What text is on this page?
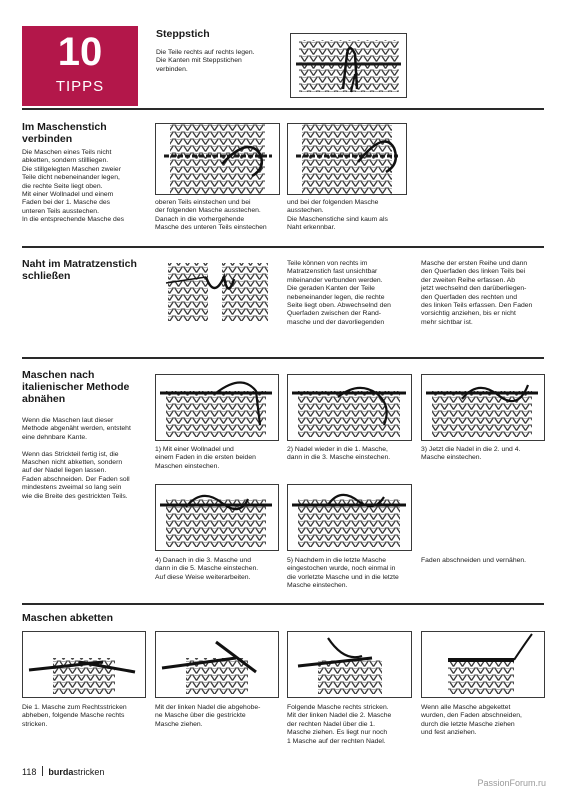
10
TIPPS
Steppstich
Die Teile rechts auf rechts legen.
Die Kanten mit Steppstichen
verbinden.
Im Maschenstich
verbinden
Die Maschen eines Teils nicht
abketten, sondern stillliegen.
Die stillgelegten Maschen zweier
Teile dicht nebeneinander legen,
die rechte Seite liegt oben.
Mit einer Wollnadel und einem
Faden bei der 1. Masche des
unteren Teils ausstechen.
In die entsprechende Masche des
oberen Teils einstechen und bei
der folgenden Masche ausstechen.
Danach in die vorhergehende
Masche des unteren Teils einstechen
und bei der folgenden Masche
ausstechen.
Die Maschenstiche sind kaum als
Naht erkennbar.
Naht im Matratzenstich
schließen
Teile können von rechts im
Matratzenstich fast unsichtbar
miteinander verbunden werden.
Die geraden Kanten der Teile
nebeneinander legen, die rechte
Seite liegt oben. Abwechselnd den
Querfaden zwischen der Rand-
masche und der davorliegenden
Masche der ersten Reihe und dann
den Querfaden des linken Teils bei
der zweiten Reihe erfassen. Ab
jetzt wechselnd den darüberliegen-
den Querfaden des rechten und
des linken Teils erfassen. Den Faden
vorsichtig anziehen, bis er nicht
mehr sichtbar ist.
Maschen nach
italienischer Methode
abnähen
Wenn die Maschen laut dieser
Methode abgenäht werden, entsteht
eine dehnbare Kante.

Wenn das Strickteil fertig ist, die
Maschen nicht abketten, sondern
auf der Nadel liegen lassen.
Faden abschneiden. Der Faden soll
mindestens zweimal so lang sein
wie die Breite des gestrickten Teils.
1) Mit einer Wollnadel und
einem Faden in die ersten beiden
Maschen einstechen.
2) Nadel wieder in die 1. Masche,
dann in die 3. Masche einstechen.
3) Jetzt die Nadel in die 2. und 4.
Masche einstechen.
4) Danach in die 3. Masche und
dann in die 5. Masche einstechen.
Auf diese Weise weiterarbeiten.
5) Nachdem in die letzte Masche
eingestochen wurde, noch einmal in
die vorletzte Masche und in die letzte
Masche einstechen.
Faden abschneiden und vernähen.
Maschen abketten
Die 1. Masche zum Rechtsstricken
abheben, folgende Masche rechts
stricken.
Mit der linken Nadel die abgehobe-
ne Masche über die gestrickte
Masche ziehen.
Folgende Masche rechts stricken.
Mit der linken Nadel die 2. Masche
der rechten Nadel über die 1.
Masche ziehen. Es liegt nur noch
1 Masche auf der rechten Nadel.
Wenn alle Masche abgekettet
wurden, den Faden abschneiden,
durch die letzte Masche ziehen
und fest anziehen.
118 burdastricken
PassionForum.ru
